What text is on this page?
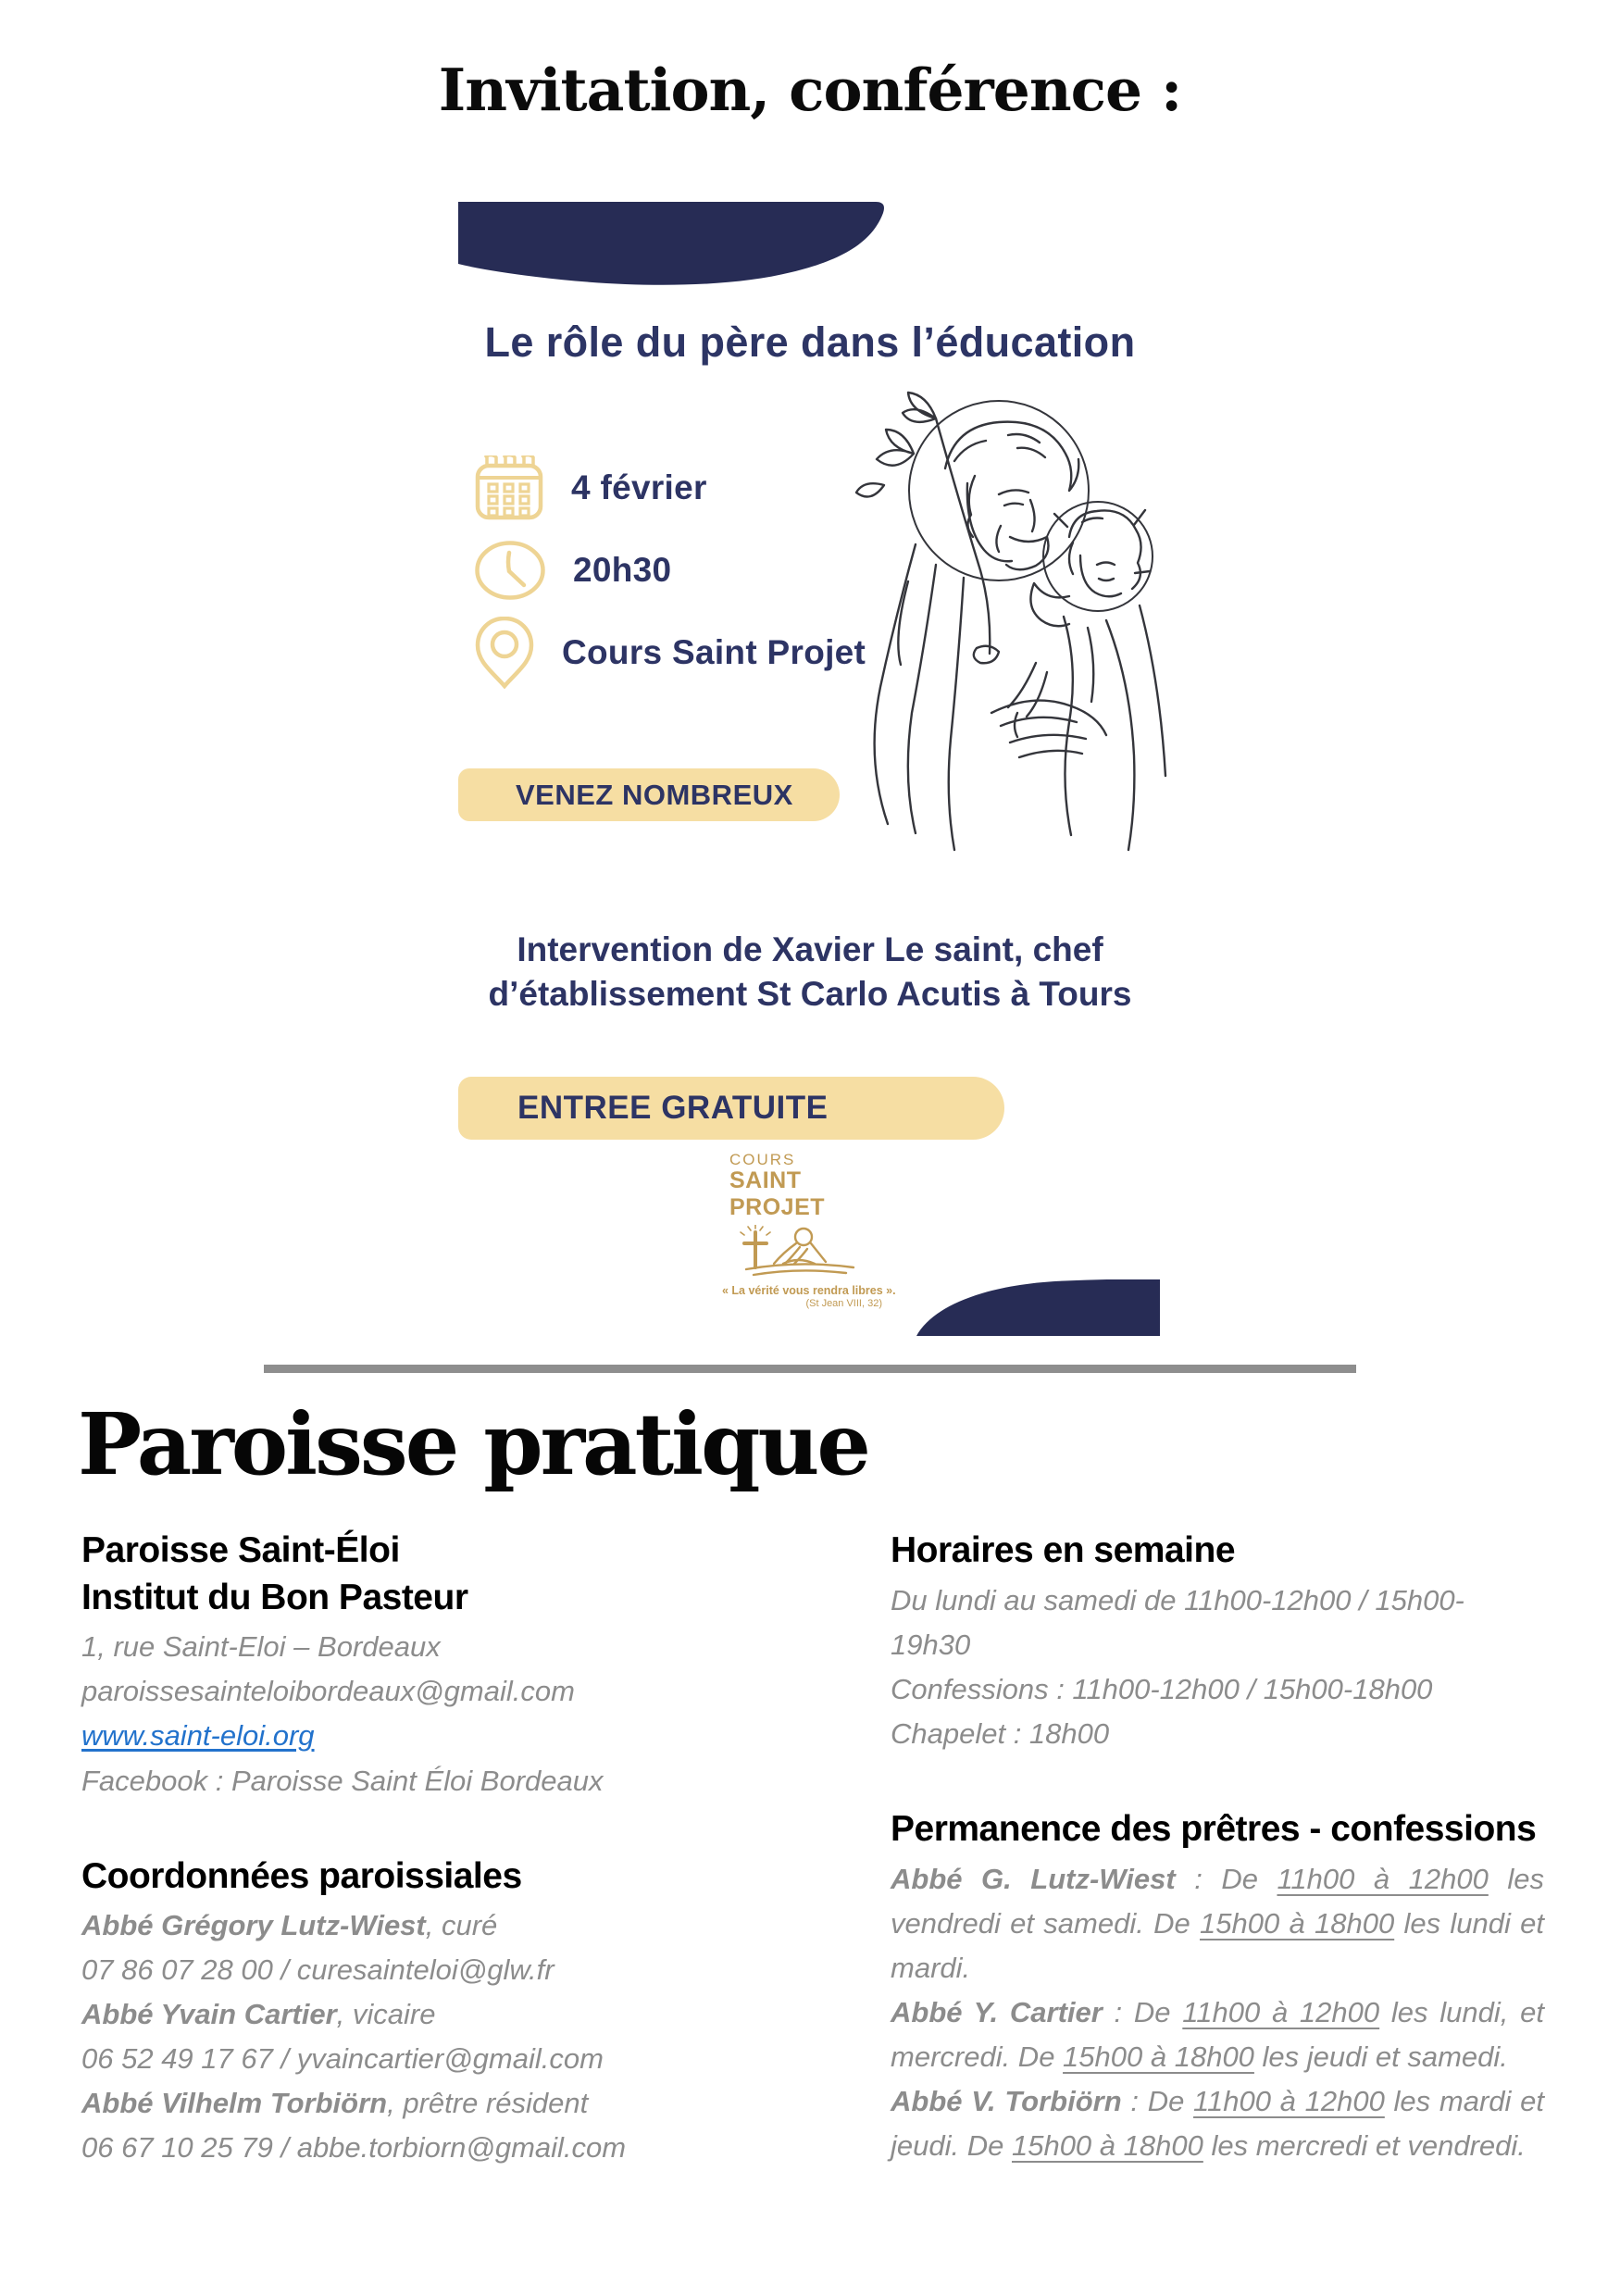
Invitation, conférence :
Le rôle du père dans l’éducation
4 février
20h30
Cours Saint Projet
VENEZ NOMBREUX
Intervention de Xavier Le saint, chef
d’établissement St Carlo Acutis à Tours
ENTREE GRATUITE
COURS
SAINT PROJET
« La vérité vous rendra libres ».
(St Jean VIII, 32)
Paroisse pratique
Paroisse Saint-Éloi
Institut du Bon Pasteur
1, rue Saint-Eloi – Bordeaux
paroissesainteloibordeaux@gmail.com
www.saint-eloi.org
Facebook : Paroisse Saint Éloi Bordeaux
Coordonnées paroissiales
Abbé Grégory Lutz-Wiest, curé
07 86 07 28 00 / curesainteloi@glw.fr
Abbé Yvain Cartier, vicaire
06 52 49 17 67 / yvaincartier@gmail.com
Abbé Vilhelm Torbiörn, prêtre résident
06 67 10 25 79 / abbe.torbiorn@gmail.com
Horaires en semaine
Du lundi au samedi de 11h00-12h00 / 15h00-19h30
Confessions : 11h00-12h00 / 15h00-18h00
Chapelet : 18h00
Permanence des prêtres - confessions
Abbé G. Lutz-Wiest : De 11h00 à 12h00 les vendredi et samedi. De 15h00 à 18h00 les lundi et mardi.
Abbé Y. Cartier : De 11h00 à 12h00 les lundi, et mercredi. De 15h00 à 18h00 les jeudi et samedi.
Abbé V. Torbiörn : De 11h00 à 12h00 les mardi et jeudi. De 15h00 à 18h00 les mercredi et vendredi.
